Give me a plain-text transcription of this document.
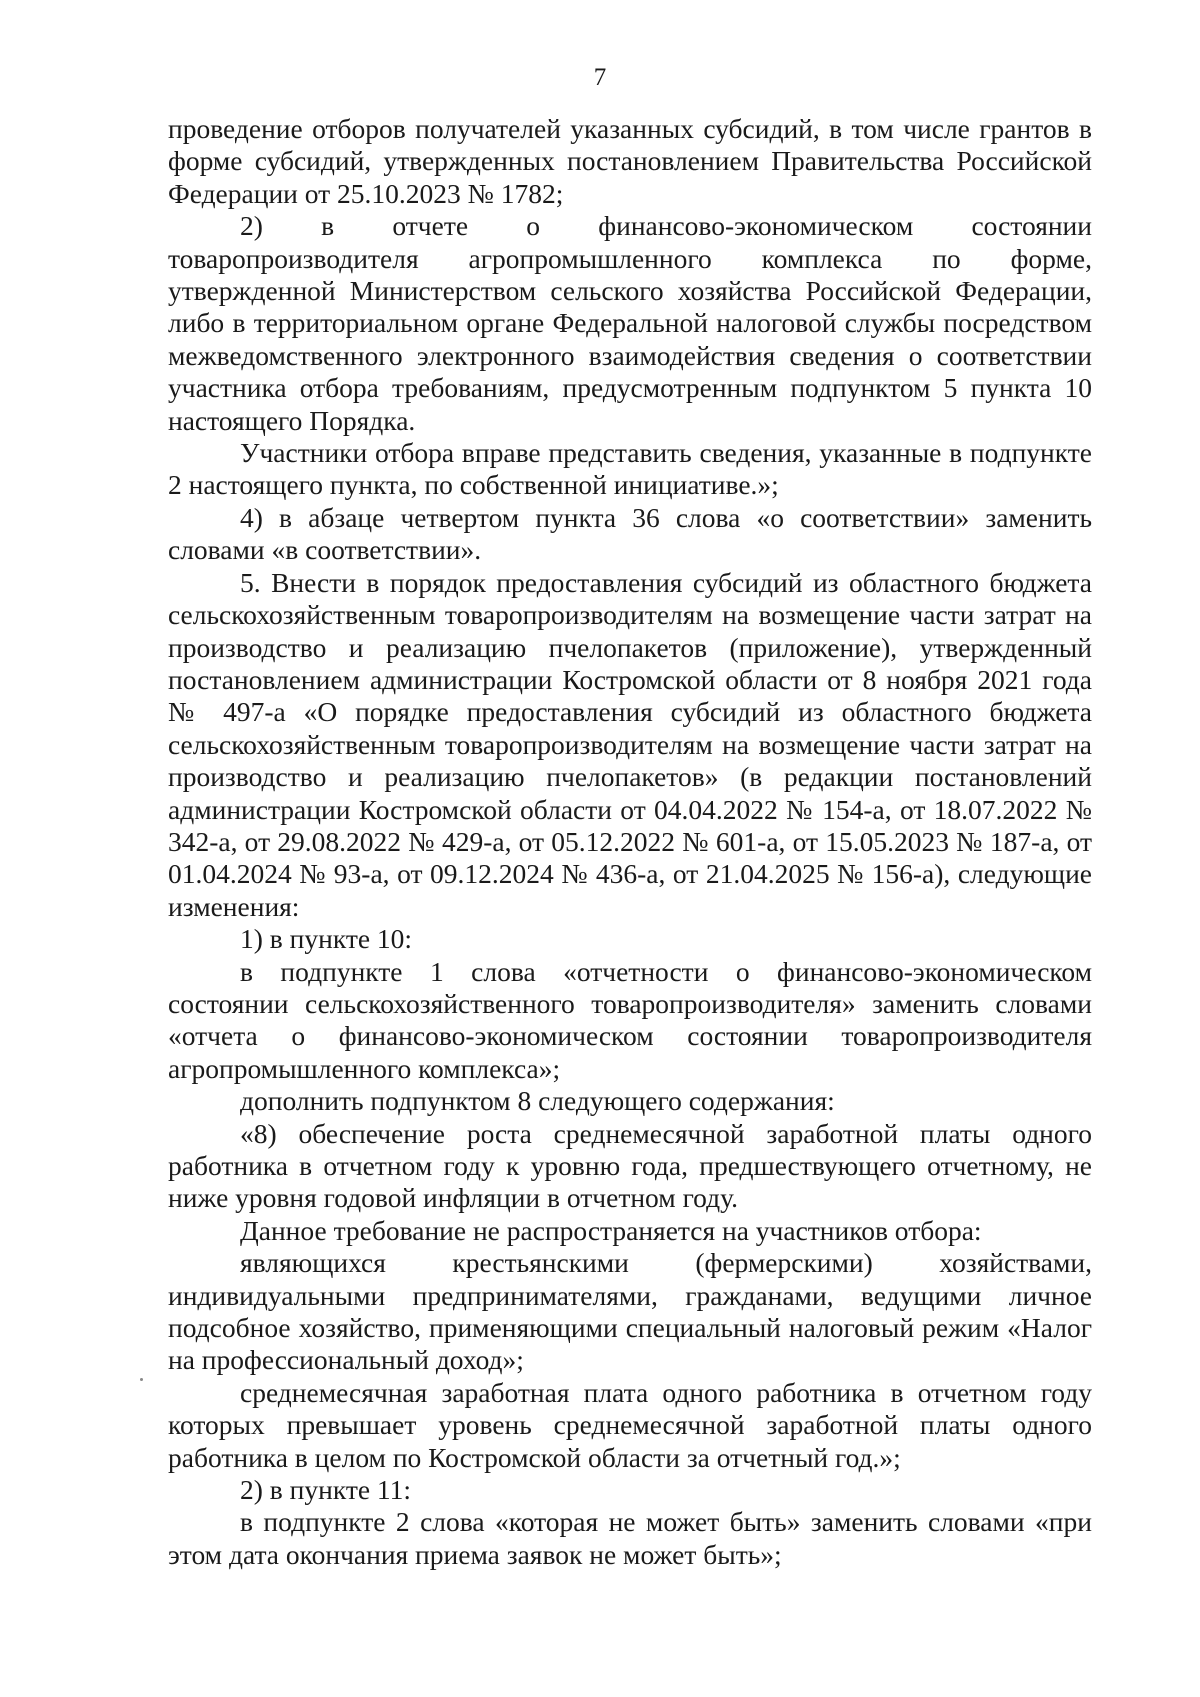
7

проведение отборов получателей указанных субсидий, в том числе грантов в форме субсидий, утвержденных постановлением Правительства Российской Федерации от 25.10.2023 № 1782;

2) в отчете о финансово-экономическом состоянии товаропроизводителя агропромышленного комплекса по форме, утвержденной Министерством сельского хозяйства Российской Федерации, либо в территориальном органе Федеральной налоговой службы посредством межведомственного электронного взаимодействия сведения о соответствии участника отбора требованиям, предусмотренным подпунктом 5 пункта 10 настоящего Порядка.

Участники отбора вправе представить сведения, указанные в подпункте 2 настоящего пункта, по собственной инициативе.»;

4) в абзаце четвертом пункта 36 слова «о соответствии» заменить словами «в соответствии».

5. Внести в порядок предоставления субсидий из областного бюджета сельскохозяйственным товаропроизводителям на возмещение части затрат на производство и реализацию пчелопакетов (приложение), утвержденный постановлением администрации Костромской области от 8 ноября 2021 года № 497-а «О порядке предоставления субсидий из областного бюджета сельскохозяйственным товаропроизводителям на возмещение части затрат на производство и реализацию пчелопакетов» (в редакции постановлений администрации Костромской области от 04.04.2022 № 154-а, от 18.07.2022 № 342-а, от 29.08.2022 № 429-а, от 05.12.2022 № 601-а, от 15.05.2023 № 187-а, от 01.04.2024 № 93-а, от 09.12.2024 № 436-а, от 21.04.2025 № 156-а), следующие изменения:

1) в пункте 10:

в подпункте 1 слова «отчетности о финансово-экономическом состоянии сельскохозяйственного товаропроизводителя» заменить словами «отчета о финансово-экономическом состоянии товаропроизводителя агропромышленного комплекса»;

дополнить подпунктом 8 следующего содержания:

«8) обеспечение роста среднемесячной заработной платы одного работника в отчетном году к уровню года, предшествующего отчетному, не ниже уровня годовой инфляции в отчетном году.

Данное требование не распространяется на участников отбора:

являющихся крестьянскими (фермерскими) хозяйствами, индивидуальными предпринимателями, гражданами, ведущими личное подсобное хозяйство, применяющими специальный налоговый режим «Налог на профессиональный доход»;

среднемесячная заработная плата одного работника в отчетном году которых превышает уровень среднемесячной заработной платы одного работника в целом по Костромской области за отчетный год.»;

2) в пункте 11:

в подпункте 2 слова «которая не может быть» заменить словами «при этом дата окончания приема заявок не может быть»;
